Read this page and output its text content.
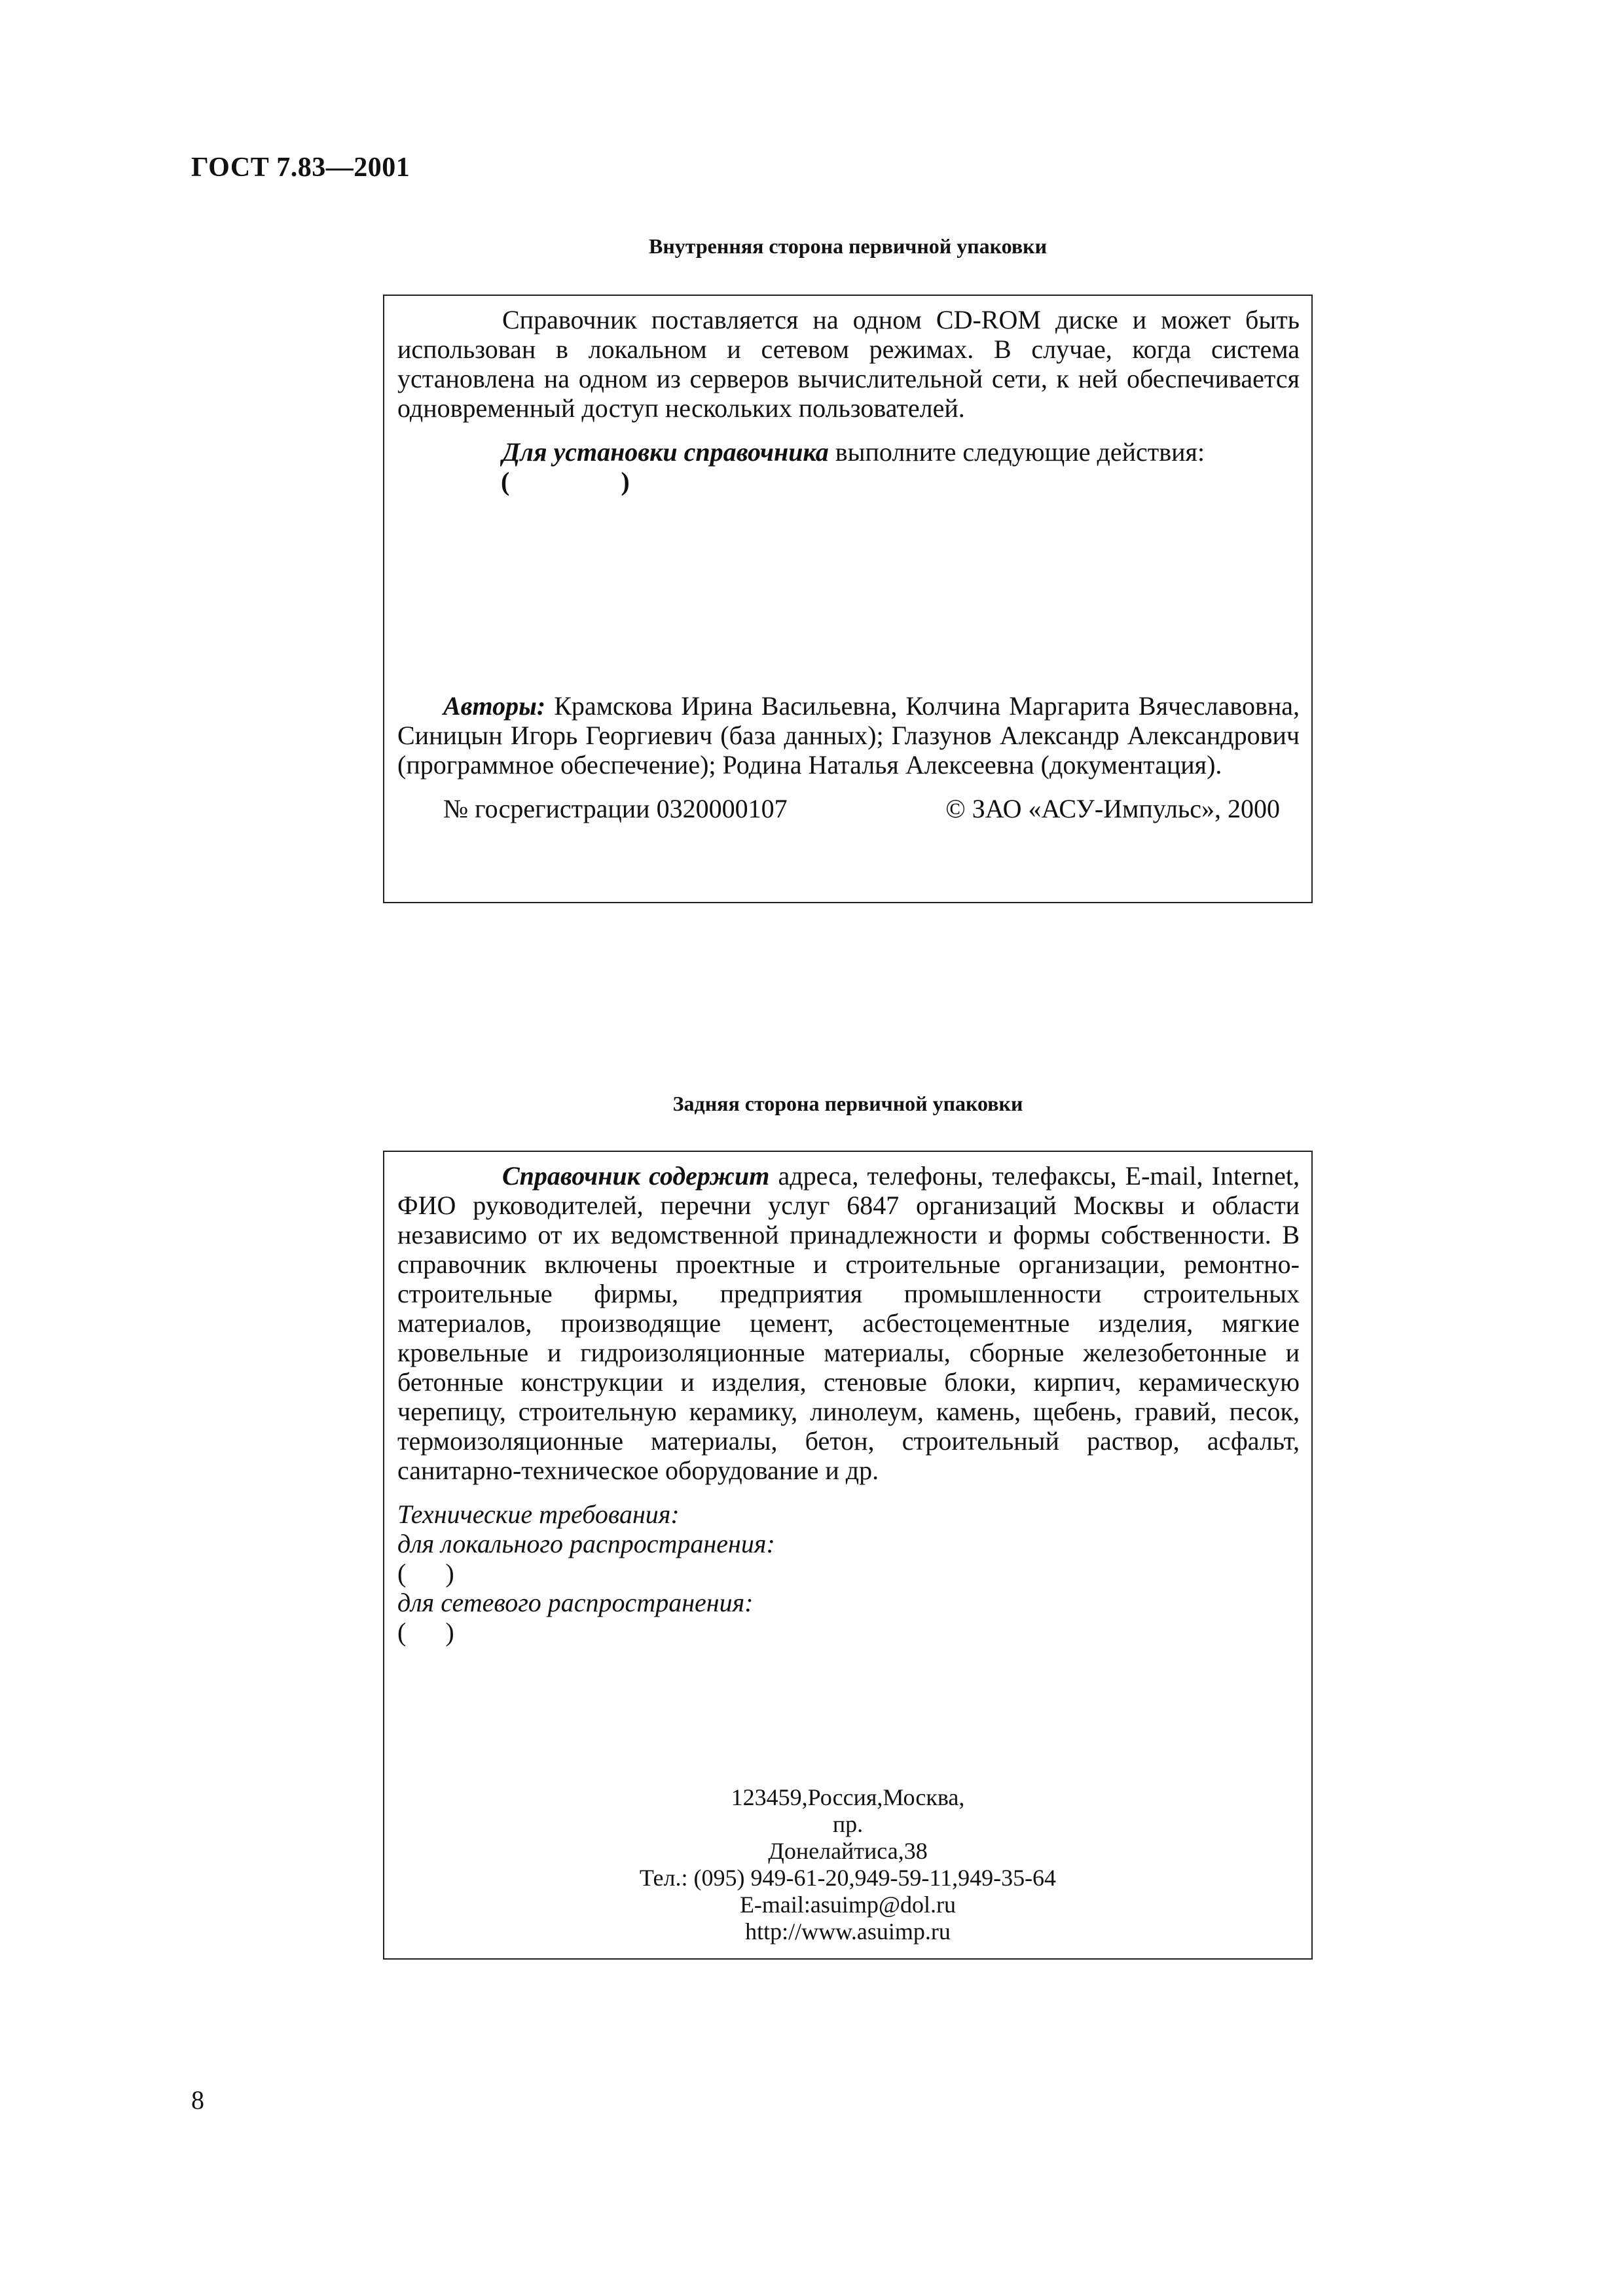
ГОСТ 7.83—2001
Внутренняя сторона первичной упаковки

Справочник поставляется на одном CD-ROM диске и может быть использован в локальном и сетевом режимах. В случае, когда система установлена на одном из серверов вычислительной сети, к ней обеспечивается одновременный доступ нескольких пользователей.

Для установки справочника выполните следующие действия:

(                 )

Авторы: Крамскова Ирина Васильевна, Колчина Маргарита Вячеславовна, Синицын Игорь Георгиевич (база данных); Глазунов Александр Александрович (программное обеспечение); Родина Наталья Алексеевна (документация).

№ госрегистрации 0320000107	© ЗАО «АСУ-Импульс», 2000
Задняя сторона первичной упаковки

Справочник содержит адреса, телефоны, телефаксы, E-mail, Internet, ФИО руководителей, перечни услуг 6847 организаций Москвы и области независимо от их ведомственной принадлежности и формы собственности. В справочник включены проектные и строительные организации, ремонтно-строительные фирмы, предприятия промышленности строительных материалов, производящие цемент, асбестоцементные изделия, мягкие кровельные и гидроизоляционные материалы, сборные железобетонные и бетонные конструкции и изделия, стеновые блоки, кирпич, керамическую черепицу, строительную керамику, линолеум, камень, щебень, гравий, песок, термоизоляционные материалы, бетон, строительный раствор, асфальт, санитарно-техническое оборудование и др.

Технические требования:

для локального распространения:

(      )

для сетевого распространения:

(      )

123459,Россия,Москва,
пр.
Донелайтиса,38
Тел.: (095) 949-61-20,949-59-11,949-35-64
E-mail:asuimp@dol.ru
http://www.asuimp.ru
8
